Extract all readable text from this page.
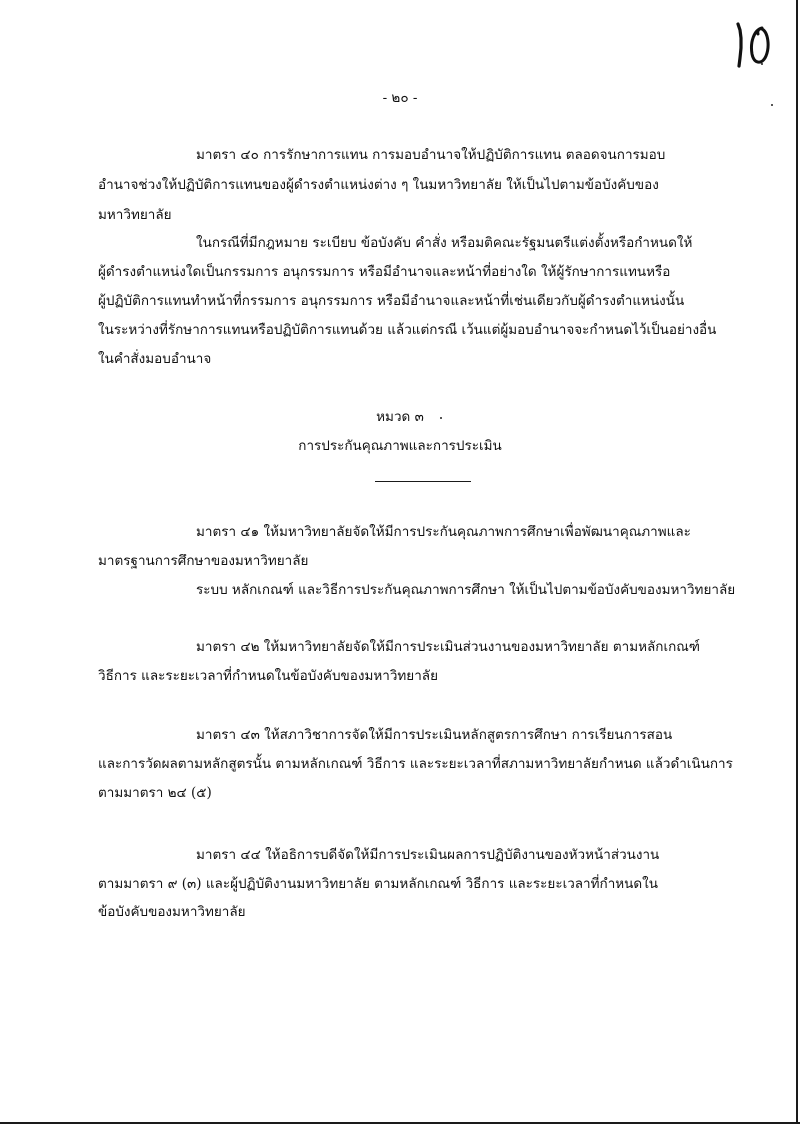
- ๒๐ -
มาตรา ๔๐ การรักษาการแทน การมอบอำนาจให้ปฏิบัติการแทน ตลอดจนการมอบ
อำนาจช่วงให้ปฏิบัติการแทนของผู้ดำรงตำแหน่งต่าง ๆ ในมหาวิทยาลัย ให้เป็นไปตามข้อบังคับของ
มหาวิทยาลัย
ในกรณีที่มีกฎหมาย ระเบียบ ข้อบังคับ คำสั่ง หรือมติคณะรัฐมนตรีแต่งตั้งหรือกำหนดให้
ผู้ดำรงตำแหน่งใดเป็นกรรมการ อนุกรรมการ หรือมีอำนาจและหน้าที่อย่างใด ให้ผู้รักษาการแทนหรือ
ผู้ปฏิบัติการแทนทำหน้าที่กรรมการ อนุกรรมการ หรือมีอำนาจและหน้าที่เช่นเดียวกับผู้ดำรงตำแหน่งนั้น
ในระหว่างที่รักษาการแทนหรือปฏิบัติการแทนด้วย แล้วแต่กรณี เว้นแต่ผู้มอบอำนาจจะกำหนดไว้เป็นอย่างอื่น
ในคำสั่งมอบอำนาจ
หมวด ๓
การประกันคุณภาพและการประเมิน
มาตรา ๔๑ ให้มหาวิทยาลัยจัดให้มีการประกันคุณภาพการศึกษาเพื่อพัฒนาคุณภาพและ
มาตรฐานการศึกษาของมหาวิทยาลัย
ระบบ หลักเกณฑ์ และวิธีการประกันคุณภาพการศึกษา ให้เป็นไปตามข้อบังคับของมหาวิทยาลัย
มาตรา ๔๒ ให้มหาวิทยาลัยจัดให้มีการประเมินส่วนงานของมหาวิทยาลัย ตามหลักเกณฑ์
วิธีการ และระยะเวลาที่กำหนดในข้อบังคับของมหาวิทยาลัย
มาตรา ๔๓ ให้สภาวิชาการจัดให้มีการประเมินหลักสูตรการศึกษา การเรียนการสอน
และการวัดผลตามหลักสูตรนั้น ตามหลักเกณฑ์ วิธีการ และระยะเวลาที่สภามหาวิทยาลัยกำหนด แล้วดำเนินการ
ตามมาตรา ๒๔ (๕)
มาตรา ๔๔ ให้อธิการบดีจัดให้มีการประเมินผลการปฏิบัติงานของหัวหน้าส่วนงาน
ตามมาตรา ๙ (๓) และผู้ปฏิบัติงานมหาวิทยาลัย ตามหลักเกณฑ์ วิธีการ และระยะเวลาที่กำหนดใน
ข้อบังคับของมหาวิทยาลัย
